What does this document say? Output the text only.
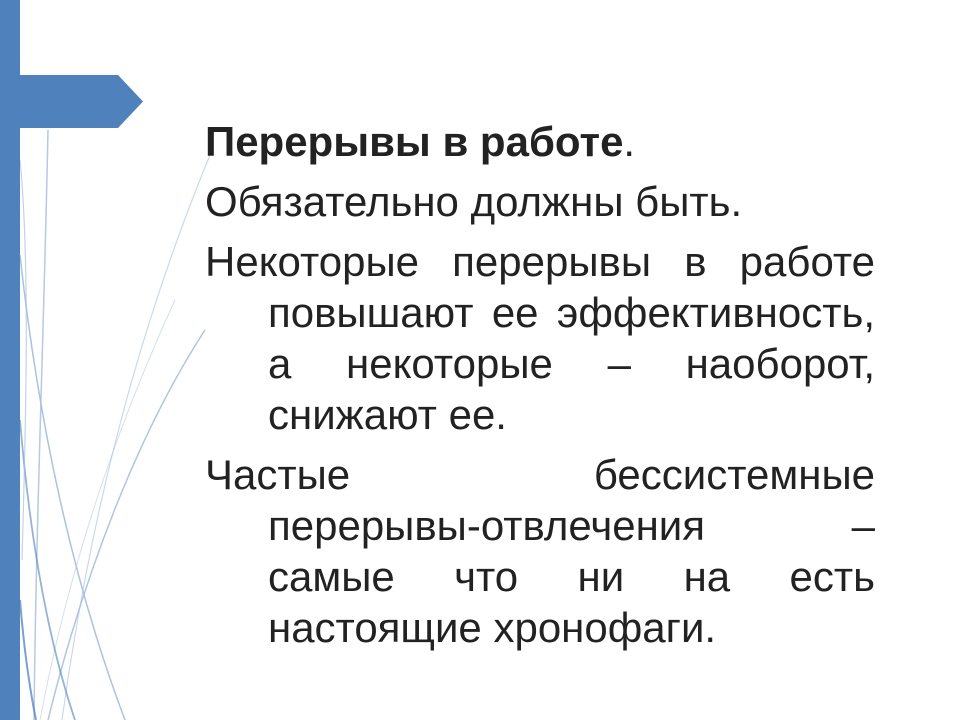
Перерывы в работе.
Обязательно должны быть.
Некоторые перерывы в работе
повышают ее эффективность,
а некоторые – наоборот,
снижают ее.
Частые бессистемные
перерывы-отвлечения –
самые что ни на есть
настоящие хронофаги.
